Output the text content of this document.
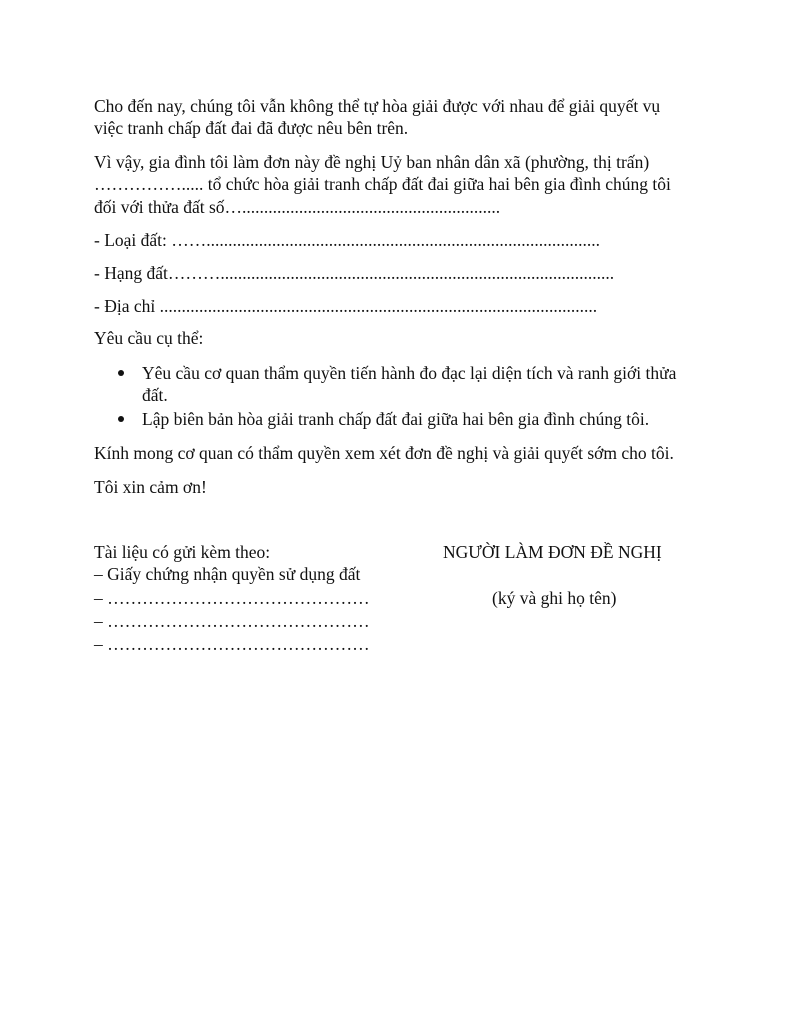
Cho đến nay, chúng tôi vẫn không thể tự hòa giải được với nhau để giải quyết vụ
việc tranh chấp đất đai đã được nêu bên trên.
Vì vậy, gia đình tôi làm đơn này đề nghị Uỷ ban nhân dân xã (phường, thị trấn)
……………..... tổ chức hòa giải tranh chấp đất đai giữa hai bên gia đình chúng tôi
đối với thửa đất số…...........................................................
- Loại đất: ……..........................................................................................
- Hạng đất………..........................................................................................
- Địa chỉ ....................................................................................................
Yêu cầu cụ thể:
Yêu cầu cơ quan thẩm quyền tiến hành đo đạc lại diện tích và ranh giới thửa
đất.
Lập biên bản hòa giải tranh chấp đất đai giữa hai bên gia đình chúng tôi.
Kính mong cơ quan có thẩm quyền xem xét đơn đề nghị và giải quyết sớm cho tôi.
Tôi xin cảm ơn!
Tài liệu có gửi kèm theo:
– Giấy chứng nhận quyền sử dụng đất
– ………………………………………
– ………………………………………
– ………………………………………
NGƯỜI LÀM ĐƠN ĐỀ NGHỊ
(ký và ghi họ tên)
